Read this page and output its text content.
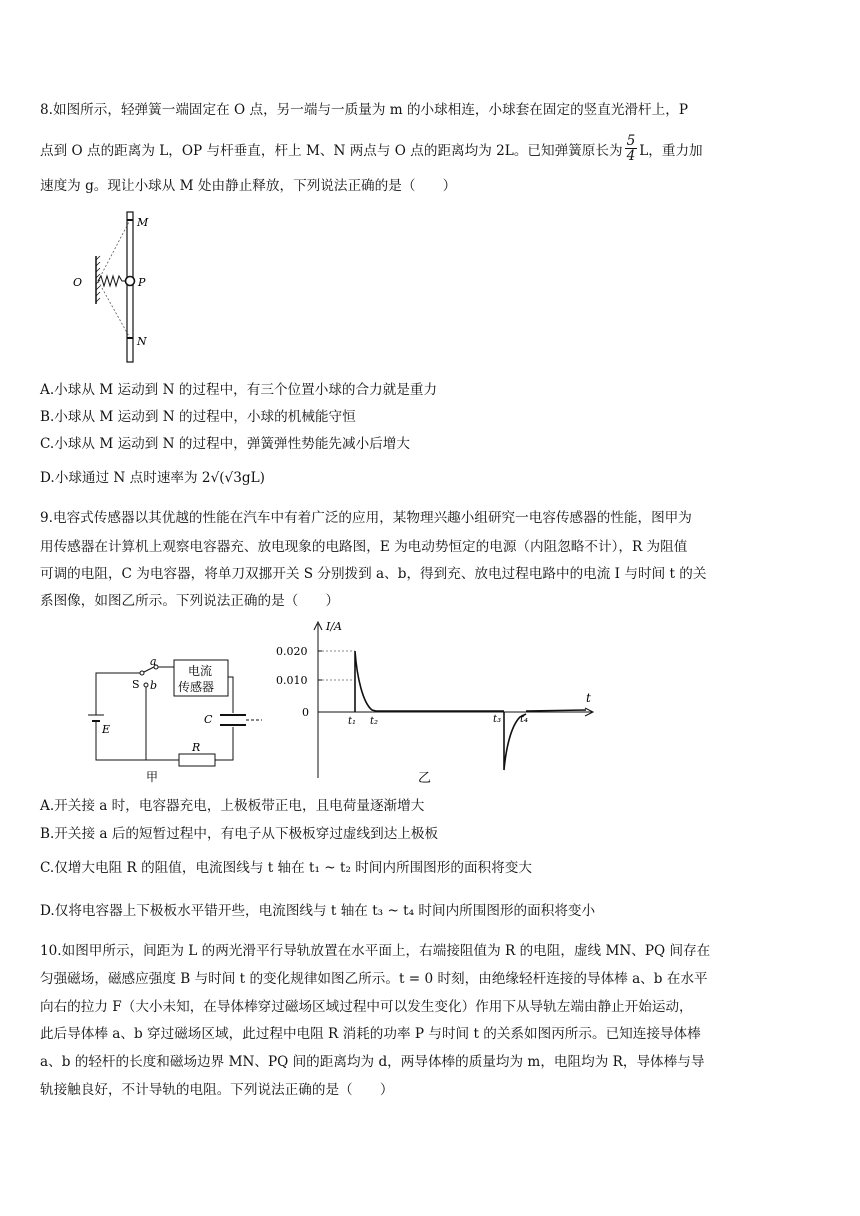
8.如图所示，轻弹簧一端固定在 O 点，另一端与一质量为 m 的小球相连，小球套在固定的竖直光滑杆上，P
点到 O 点的距离为 L，OP 与杆垂直，杆上 M、N 两点与 O 点的距离均为 2L。已知弹簧原长为 $\frac{5}{4}$ L，重力加
速度为 g。现让小球从 M 处由静止释放，下列说法正确的是（　　）
M
O	P
N
A.小球从 M 运动到 N 的过程中，有三个位置小球的合力就是重力
B.小球从 M 运动到 N 的过程中，小球的机械能守恒
C.小球从 M 运动到 N 的过程中，弹簧弹性势能先减小后增大
D.小球通过 N 点时速率为 2√(√3gL)
9.电容式传感器以其优越的性能在汽车中有着广泛的应用，某物理兴趣小组研究一电容传感器的性能，图甲为
用传感器在计算机上观察电容器充、放电现象的电路图，E 为电动势恒定的电源（内阻忽略不计），R 为阻值
可调的电阻，C 为电容器，将单刀双挪开关 S 分别拨到 a、b，得到充、放电过程电路中的电流 I 与时间 t 的关
系图像，如图乙所示。下列说法正确的是（　　）
a
S b
电流
传感器
C
E
R
甲
I/A
t
0.020
0.010
0
t₁ t₂	t₃ t₄
乙
A.开关接 a 时，电容器充电，上极板带正电，且电荷量逐渐增大
B.开关接 a 后的短暂过程中，有电子从下极板穿过虚线到达上极板
C.仅增大电阻 R 的阻值，电流图线与 t 轴在 t₁ ~ t₂ 时间内所围图形的面积将变大
D.仅将电容器上下极板水平错开些，电流图线与 t 轴在 t₃ ~ t₄ 时间内所围图形的面积将变小
10.如图甲所示，间距为 L 的两光滑平行导轨放置在水平面上，右端接阻值为 R 的电阻，虚线 MN、PQ 间存在
匀强磁场，磁感应强度 B 与时间 t 的变化规律如图乙所示。t = 0 时刻，由绝缘轻杆连接的导体棒 a、b 在水平
向右的拉力 F（大小未知，在导体棒穿过磁场区域过程中可以发生变化）作用下从导轨左端由静止开始运动，
此后导体棒 a、b 穿过磁场区域，此过程中电阻 R 消耗的功率 P 与时间 t 的关系如图丙所示。已知连接导体棒
a、b 的轻杆的长度和磁场边界 MN、PQ 间的距离均为 d，两导体棒的质量均为 m，电阻均为 R，导体棒与导
轨接触良好，不计导轨的电阻。下列说法正确的是（　　）
